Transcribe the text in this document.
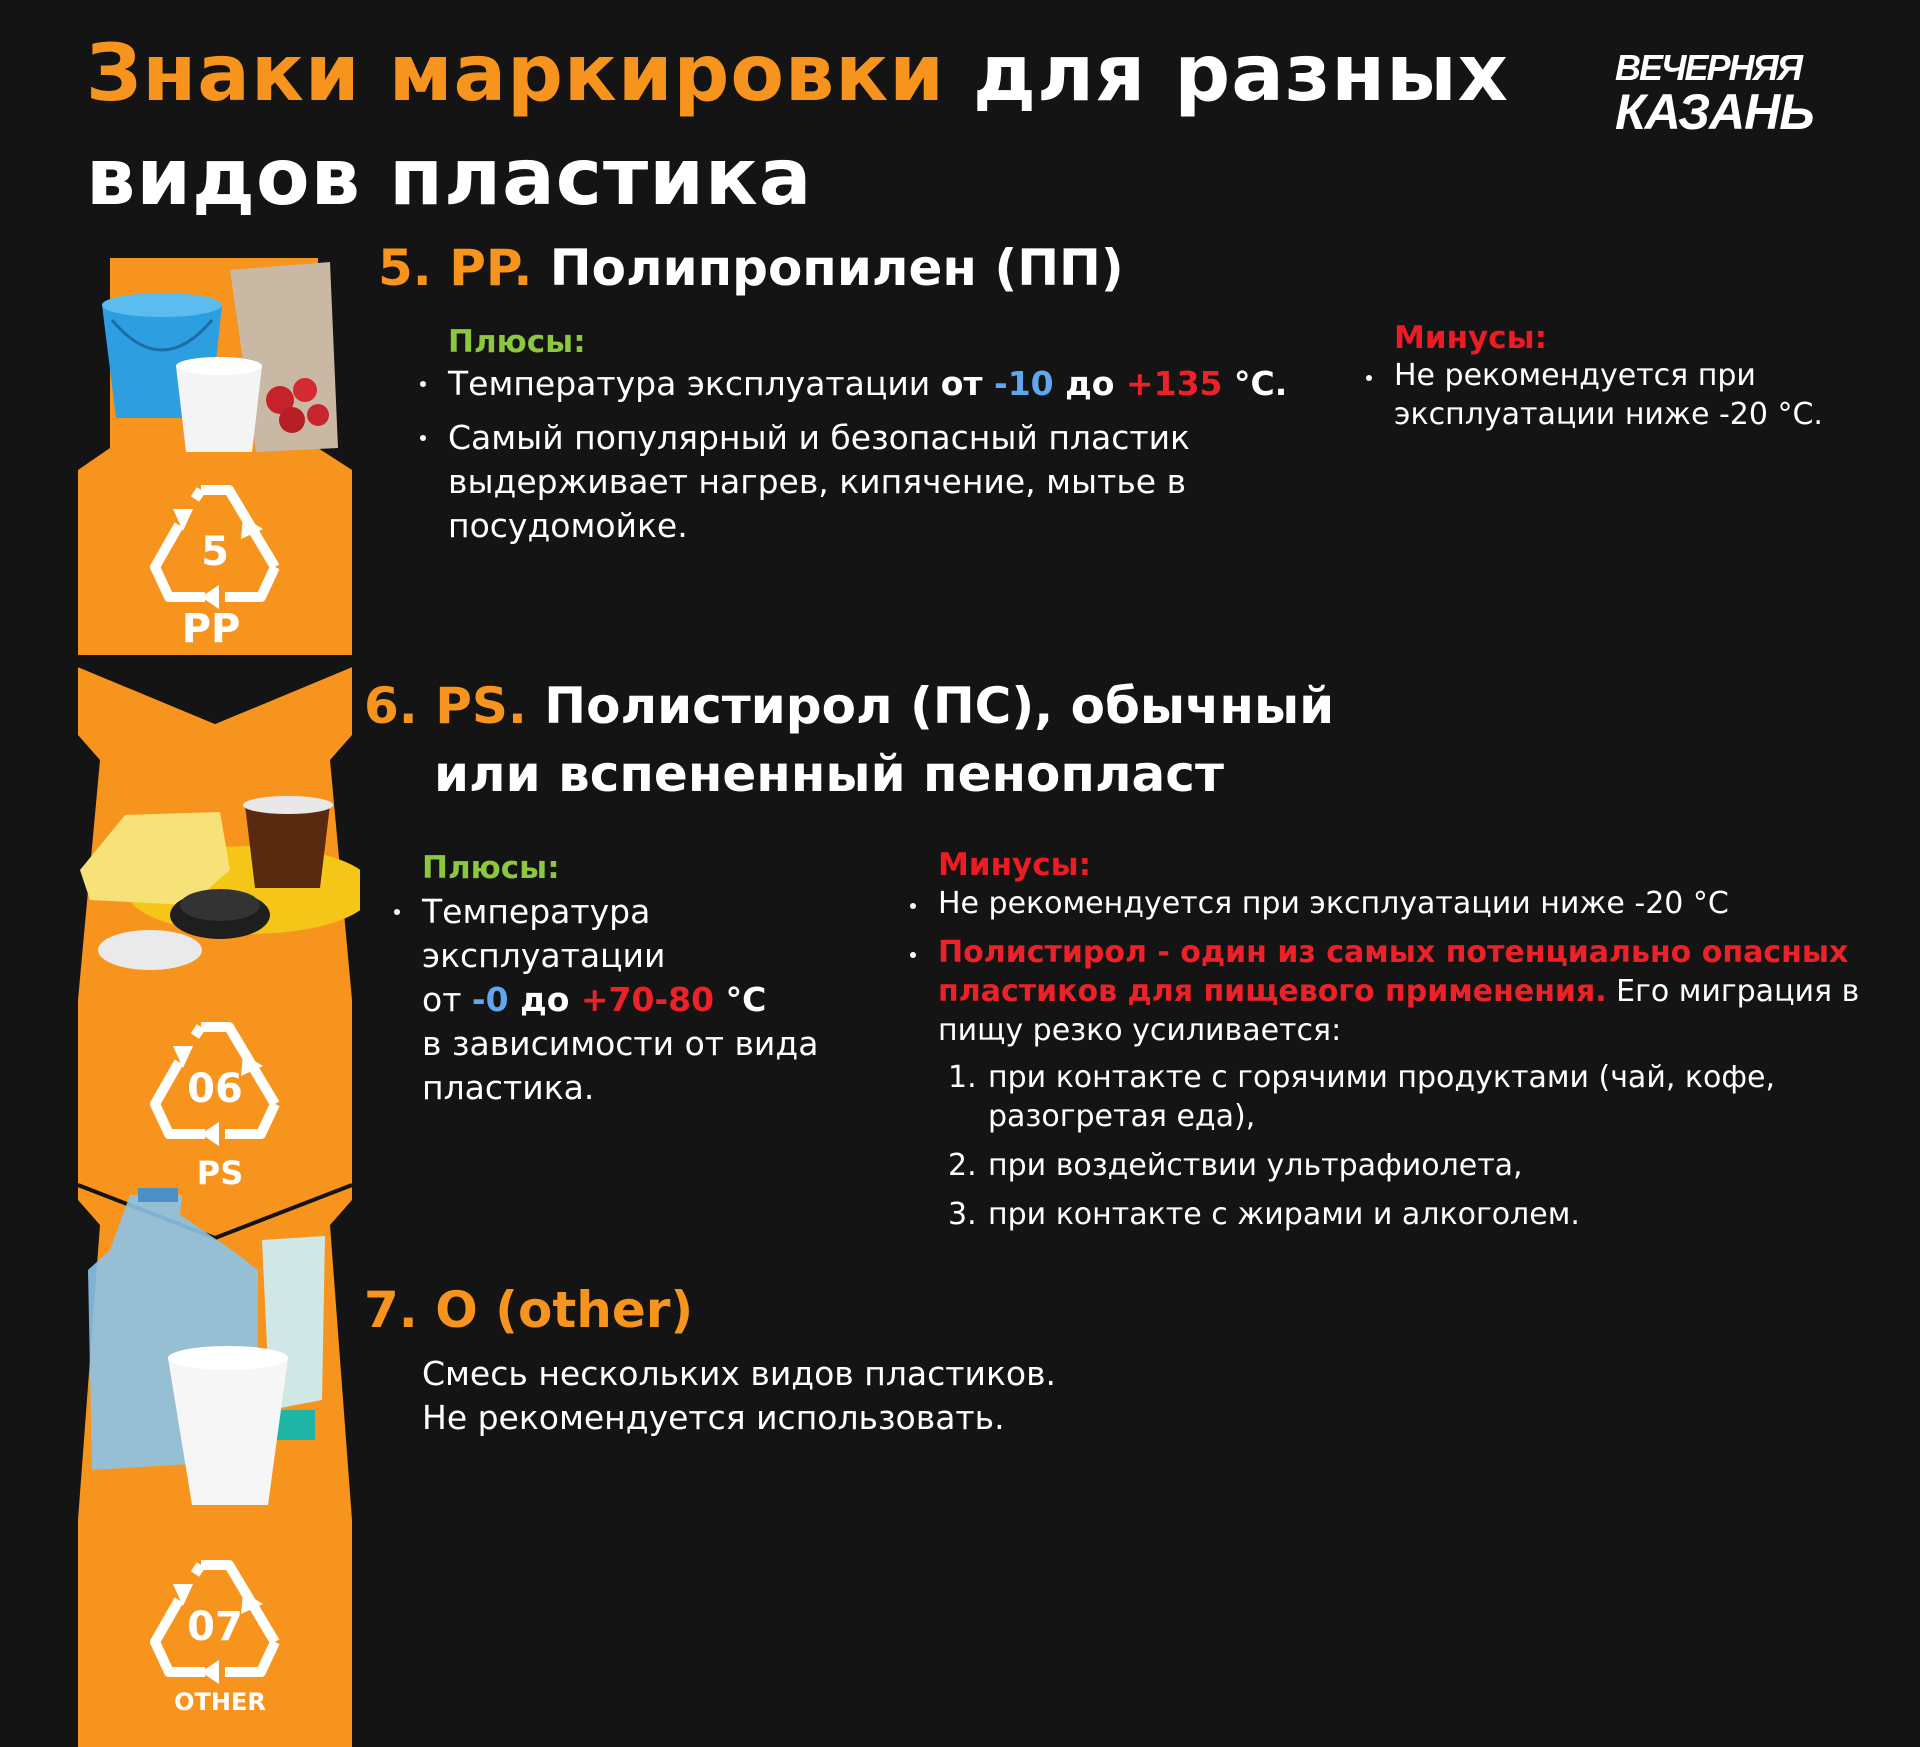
Знаки маркировки для разных
видов пластика
ВЕЧЕРНЯЯ
КАЗАНЬ
5
PP
06
PS
07
OTHER
5. PP. Полипропилен (ПП)
Плюсы:
Температура эксплуатации от -10 до +135 °С.
Самый популярный и безопасный пластик выдерживает нагрев, кипячение, мытье в посудомойке.
Минусы:
Не рекомендуется при эксплуатации ниже -20 °С.
6. PS. Полистирол (ПС), обычный
или вспененный пенопласт
Плюсы:
Температура эксплуатации
от -0 до +70-80 °С
в зависимости от вида пластика.
Минусы:
Не рекомендуется при эксплуатации ниже -20 °С
Полистирол - один из самых потенциально опасных пластиков для пищевого применения. Его миграция в пищу резко усиливается:
1. при контакте с горячими продуктами (чай, кофе, разогретая еда),
2. при воздействии ультрафиолета,
3. при контакте с жирами и алкоголем.
7. O (other)
Смесь нескольких видов пластиков.
Не рекомендуется использовать.
